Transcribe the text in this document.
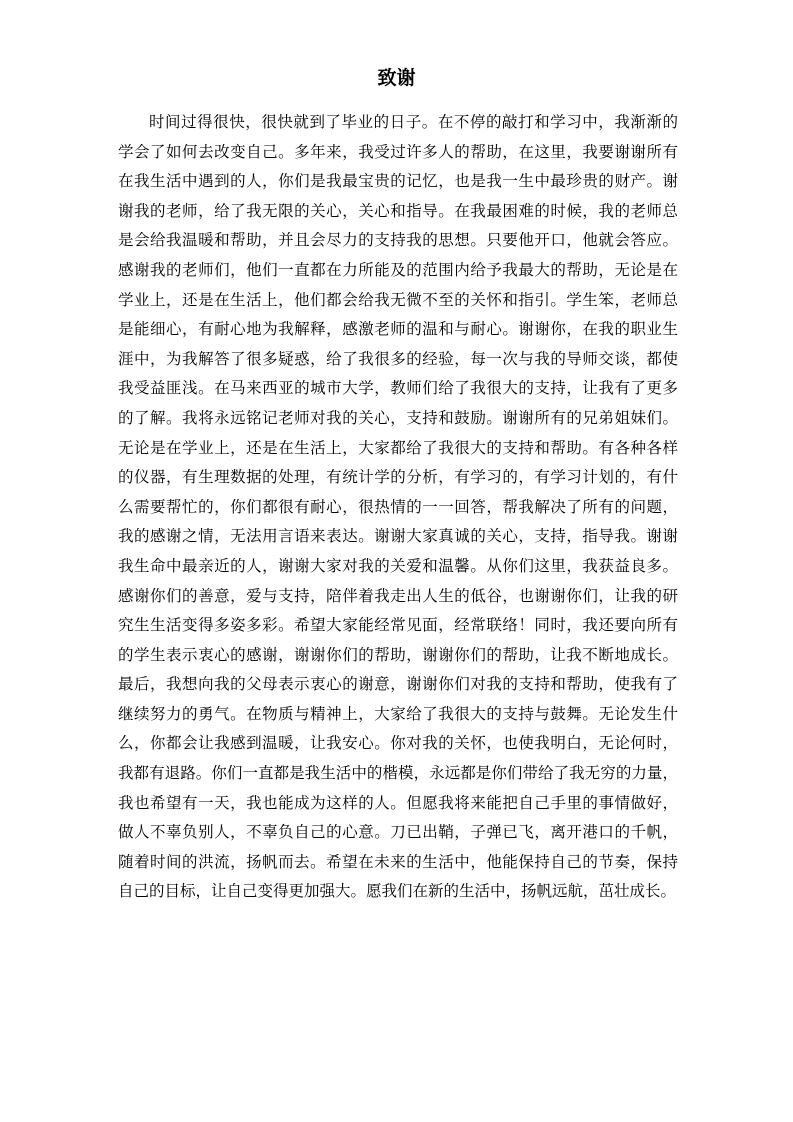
致谢
时间过得很快，很快就到了毕业的日子。在不停的敲打和学习中，我渐渐的
学会了如何去改变自己。多年来，我受过许多人的帮助，在这里，我要谢谢所有
在我生活中遇到的人，你们是我最宝贵的记忆，也是我一生中最珍贵的财产。谢
谢我的老师，给了我无限的关心，关心和指导。在我最困难的时候，我的老师总
是会给我温暖和帮助，并且会尽力的支持我的思想。只要他开口，他就会答应。
感谢我的老师们，他们一直都在力所能及的范围内给予我最大的帮助，无论是在
学业上，还是在生活上，他们都会给我无微不至的关怀和指引。学生笨，老师总
是能细心，有耐心地为我解释，感激老师的温和与耐心。谢谢你，在我的职业生
涯中，为我解答了很多疑惑，给了我很多的经验，每一次与我的导师交谈，都使
我受益匪浅。在马来西亚的城市大学，教师们给了我很大的支持，让我有了更多
的了解。我将永远铭记老师对我的关心，支持和鼓励。谢谢所有的兄弟姐妹们。
无论是在学业上，还是在生活上，大家都给了我很大的支持和帮助。有各种各样
的仪器，有生理数据的处理，有统计学的分析，有学习的，有学习计划的，有什
么需要帮忙的，你们都很有耐心，很热情的一一回答，帮我解决了所有的问题，
我的感谢之情，无法用言语来表达。谢谢大家真诚的关心，支持，指导我。谢谢
我生命中最亲近的人，谢谢大家对我的关爱和温馨。从你们这里，我获益良多。
感谢你们的善意，爱与支持，陪伴着我走出人生的低谷，也谢谢你们，让我的研
究生生活变得多姿多彩。希望大家能经常见面，经常联络！同时，我还要向所有
的学生表示衷心的感谢，谢谢你们的帮助，谢谢你们的帮助，让我不断地成长。
最后，我想向我的父母表示衷心的谢意，谢谢你们对我的支持和帮助，使我有了
继续努力的勇气。在物质与精神上，大家给了我很大的支持与鼓舞。无论发生什
么，你都会让我感到温暖，让我安心。你对我的关怀，也使我明白，无论何时，
我都有退路。你们一直都是我生活中的楷模，永远都是你们带给了我无穷的力量，
我也希望有一天，我也能成为这样的人。但愿我将来能把自己手里的事情做好，
做人不辜负别人，不辜负自己的心意。刀已出鞘，子弹已飞，离开港口的千帆，
随着时间的洪流，扬帆而去。希望在未来的生活中，他能保持自己的节奏，保持
自己的目标，让自己变得更加强大。愿我们在新的生活中，扬帆远航，茁壮成长。
